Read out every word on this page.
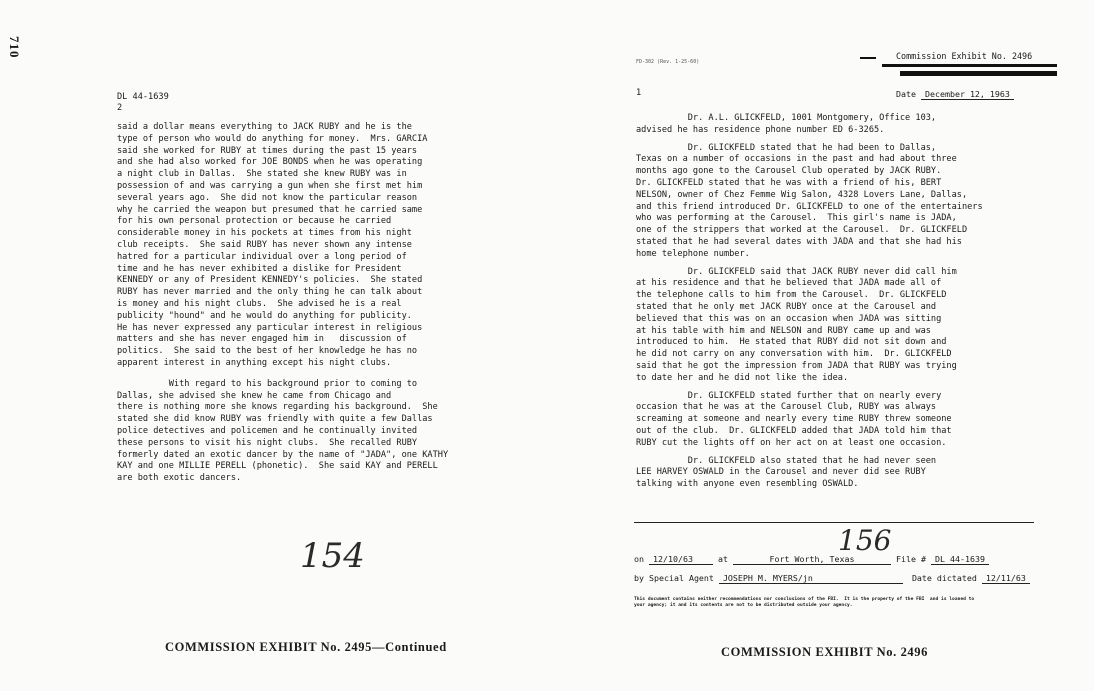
710
DL 44-1639
2
said a dollar means everything to JACK RUBY and he is the
type of person who would do anything for money.  Mrs. GARCIA
said she worked for RUBY at times during the past 15 years
and she had also worked for JOE BONDS when he was operating
a night club in Dallas.  She stated she knew RUBY was in
possession of and was carrying a gun when she first met him
several years ago.  She did not know the particular reason
why he carried the weapon but presumed that he carried same
for his own personal protection or because he carried
considerable money in his pockets at times from his night
club receipts.  She said RUBY has never shown any intense
hatred for a particular individual over a long period of
time and he has never exhibited a dislike for President
KENNEDY or any of President KENNEDY's policies.  She stated
RUBY has never married and the only thing he can talk about
is money and his night clubs.  She advised he is a real
publicity "hound" and he would do anything for publicity.
He has never expressed any particular interest in religious
matters and she has never engaged him in   discussion of
politics.  She said to the best of her knowledge he has no
apparent interest in anything except his night clubs.
With regard to his background prior to coming to
Dallas, she advised she knew he came from Chicago and
there is nothing more she knows regarding his background.  She
stated she did know RUBY was friendly with quite a few Dallas
police detectives and policemen and he continually invited
these persons to visit his night clubs.  She recalled RUBY
formerly dated an exotic dancer by the name of "JADA", one KATHY
KAY and one MILLIE PERELL (phonetic).  She said KAY and PERELL
are both exotic dancers.
154
COMMISSION EXHIBIT No. 2495—Continued
FD-302 (Rev. 1-25-60)
Commission Exhibit No. 2496
1	Date December 12, 1963
Dr. A.L. GLICKFELD, 1001 Montgomery, Office 103,
advised he has residence phone number ED 6-3265.
Dr. GLICKFELD stated that he had been to Dallas,
Texas on a number of occasions in the past and had about three
months ago gone to the Carousel Club operated by JACK RUBY.
Dr. GLICKFELD stated that he was with a friend of his, BERT
NELSON, owner of Chez Femme Wig Salon, 4328 Lovers Lane, Dallas,
and this friend introduced Dr. GLICKFELD to one of the entertainers
who was performing at the Carousel.  This girl's name is JADA,
one of the strippers that worked at the Carousel.  Dr. GLICKFELD
stated that he had several dates with JADA and that she had his
home telephone number.
Dr. GLICKFELD said that JACK RUBY never did call him
at his residence and that he believed that JADA made all of
the telephone calls to him from the Carousel.  Dr. GLICKFELD
stated that he only met JACK RUBY once at the Carousel and
believed that this was on an occasion when JADA was sitting
at his table with him and NELSON and RUBY came up and was
introduced to him.  He stated that RUBY did not sit down and
he did not carry on any conversation with him.  Dr. GLICKFELD
said that he got the impression from JADA that RUBY was trying
to date her and he did not like the idea.
Dr. GLICKFELD stated further that on nearly every
occasion that he was at the Carousel Club, RUBY was always
screaming at someone and nearly every time RUBY threw someone
out of the club.  Dr. GLICKFELD added that JADA told him that
RUBY cut the lights off on her act on at least one occasion.
Dr. GLICKFELD also stated that he had never seen
LEE HARVEY OSWALD in the Carousel and never did see RUBY
talking with anyone even resembling OSWALD.
156
on 12/10/63	at	Fort Worth, Texas	File # DL 44-1639
by Special Agent JOSEPH M. MYERS/jn	Date dictated 12/11/63
This document contains neither recommendations nor conclusions of the FBI.  It is the property of the FBI  and is loaned to
your agency; it and its contents are not to be distributed outside your agency.
COMMISSION EXHIBIT No. 2496
